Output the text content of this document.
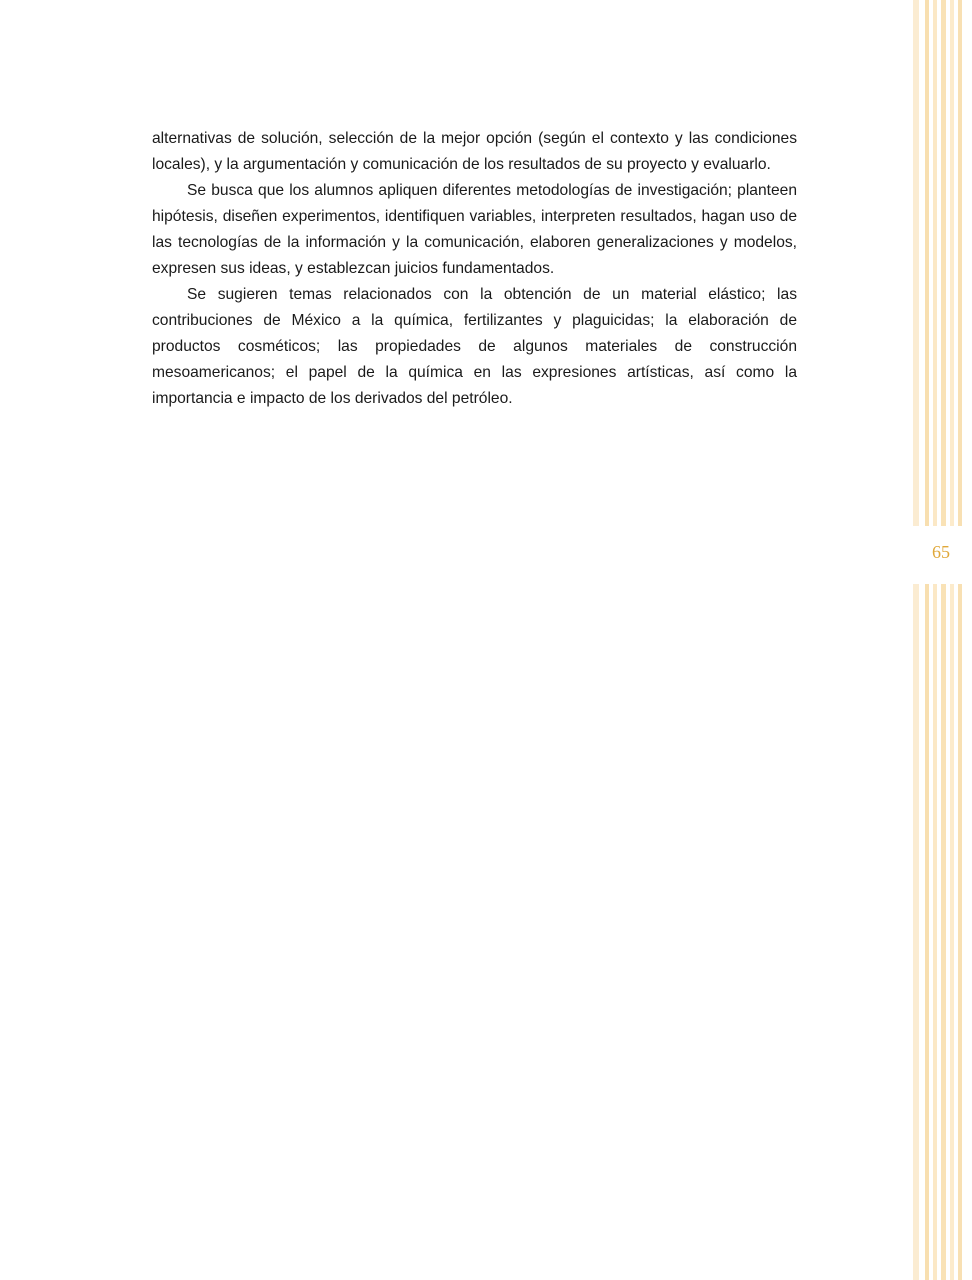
alternativas de solución, selección de la mejor opción (según el contexto y las condiciones locales), y la argumentación y comunicación de los resultados de su proyecto y evaluarlo.

Se busca que los alumnos apliquen diferentes metodologías de investigación; planteen hipótesis, diseñen experimentos, identifiquen variables, interpreten resultados, hagan uso de las tecnologías de la información y la comunicación, elaboren generalizaciones y modelos, expresen sus ideas, y establezcan juicios fundamentados.

Se sugieren temas relacionados con la obtención de un material elástico; las contribuciones de México a la química, fertilizantes y plaguicidas; la elaboración de productos cosméticos; las propiedades de algunos materiales de construcción mesoamericanos; el papel de la química en las expresiones artísticas, así como la importancia e impacto de los derivados del petróleo.

65
